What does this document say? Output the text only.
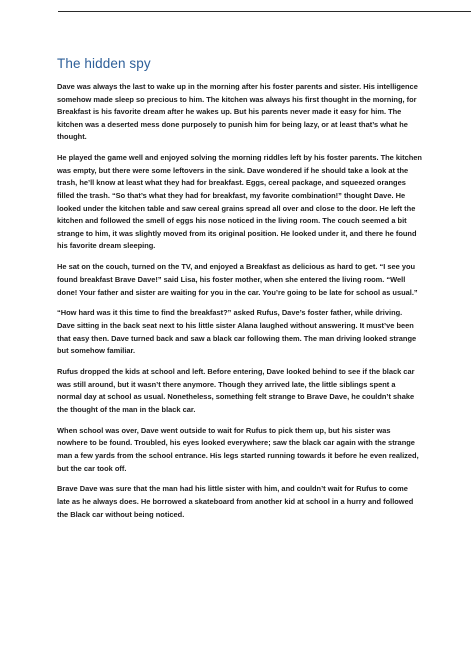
The hidden spy

Dave was always the last to wake up in the morning after his foster parents and sister. His intelligence somehow made sleep so precious to him. The kitchen was always his first thought in the morning, for Breakfast is his favorite dream after he wakes up. But his parents never made it easy for him. The kitchen was a deserted mess done purposely to punish him for being lazy, or at least that’s what he thought.

He played the game well and enjoyed solving the morning riddles left by his foster parents. The kitchen was empty, but there were some leftovers in the sink. Dave wondered if he should take a look at the trash, he’ll know at least what they had for breakfast. Eggs, cereal package, and squeezed oranges filled the trash. “So that’s what they had for breakfast, my favorite combination!” thought Dave. He looked under the kitchen table and saw cereal grains spread all over and close to the door. He left the kitchen and followed the smell of eggs his nose noticed in the living room. The couch seemed a bit strange to him, it was slightly moved from its original position. He looked under it, and there he found his favorite dream sleeping.

He sat on the couch, turned on the TV, and enjoyed a Breakfast as delicious as hard to get. “I see you found breakfast Brave Dave!” said Lisa, his foster mother, when she entered the living room. “Well done! Your father and sister are waiting for you in the car. You’re going to be late for school as usual.”

“How hard was it this time to find the breakfast?” asked Rufus, Dave’s foster father, while driving. Dave sitting in the back seat next to his little sister Alana laughed without answering. It must’ve been that easy then. Dave turned back and saw a black car following them. The man driving looked strange but somehow familiar.

Rufus dropped the kids at school and left. Before entering, Dave looked behind to see if the black car was still around, but it wasn’t there anymore. Though they arrived late, the little siblings spent a normal day at school as usual. Nonetheless, something felt strange to Brave Dave, he couldn’t shake the thought of the man in the black car.

When school was over, Dave went outside to wait for Rufus to pick them up, but his sister was nowhere to be found. Troubled, his eyes looked everywhere; saw the black car again with the strange man a few yards from the school entrance. His legs started running towards it before he even realized, but the car took off.

Brave Dave was sure that the man had his little sister with him, and couldn’t wait for Rufus to come late as he always does. He borrowed a skateboard from another kid at school in a hurry and followed the Black car without being noticed.
